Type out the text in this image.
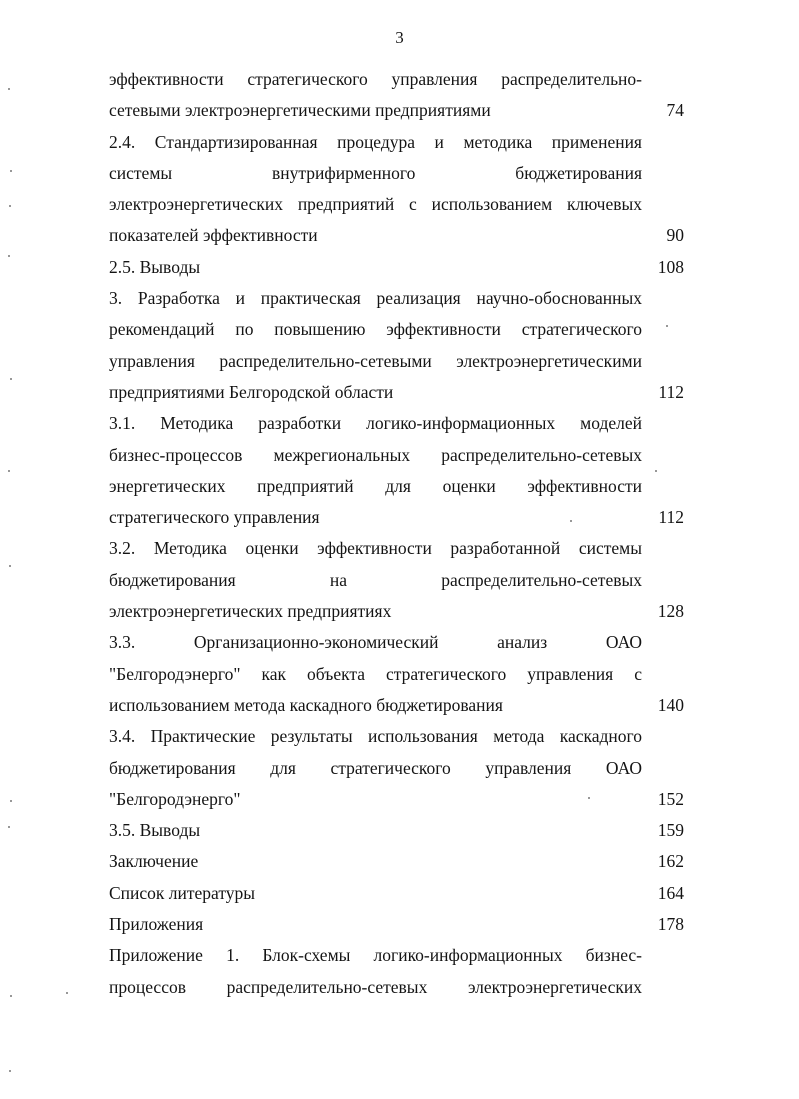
3
эффективности стратегического управления распределительно-
сетевыми электроэнергетическими предприятиями	74
2.4. Стандартизированная процедура и методика применения
системы внутрифирменного бюджетирования
электроэнергетических предприятий с использованием ключевых
показателей эффективности	90
2.5. Выводы	108
3. Разработка и практическая реализация научно-обоснованных
рекомендаций по повышению эффективности стратегического
управления распределительно-сетевыми электроэнергетическими
предприятиями Белгородской области	112
3.1. Методика разработки логико-информационных моделей
бизнес-процессов межрегиональных распределительно-сетевых
энергетических предприятий для оценки эффективности
стратегического управления	112
3.2. Методика оценки эффективности разработанной системы
бюджетирования на распределительно-сетевых
электроэнергетических предприятиях	128
3.3. Организационно-экономический анализ ОАО
"Белгородэнерго" как объекта стратегического управления с
использованием метода каскадного бюджетирования	140
3.4. Практические результаты использования метода каскадного
бюджетирования для стратегического управления ОАО
"Белгородэнерго"	152
3.5. Выводы	159
Заключение	162
Список литературы	164
Приложения	178
Приложение 1. Блок-схемы логико-информационных бизнес-
процессов распределительно-сетевых электроэнергетических
